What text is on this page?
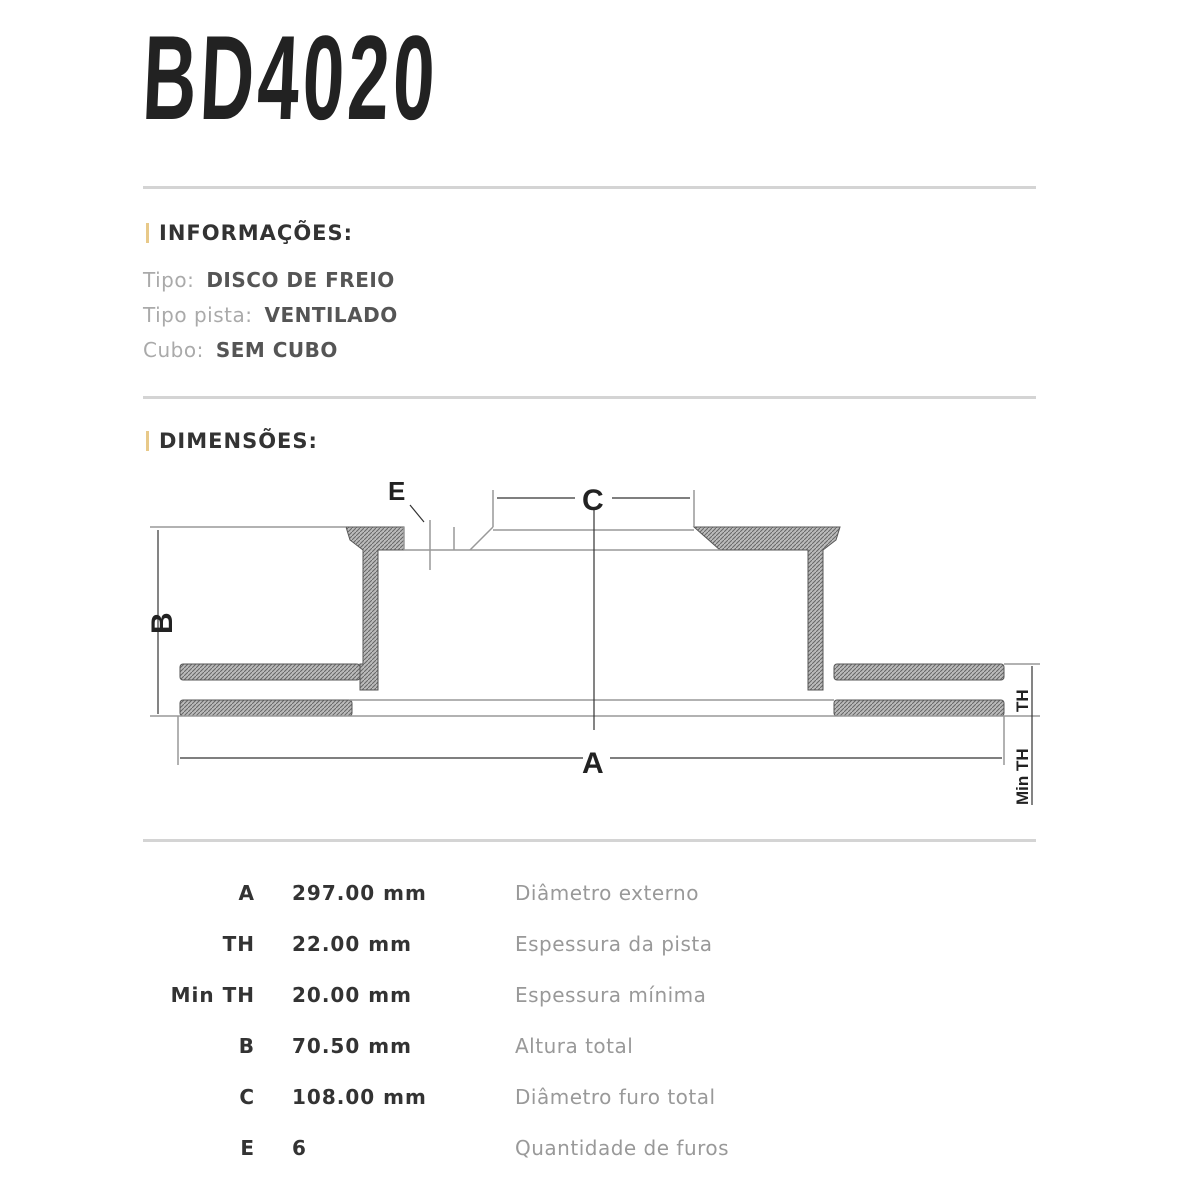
BD4020
INFORMAÇÕES:
Tipo: DISCO DE FREIO
Tipo pista: VENTILADO
Cubo: SEM CUBO
DIMENSÕES:
B
A
C
E
TH
Min TH
A 297.00 mm	Diâmetro externo
TH 22.00 mm	Espessura da pista
Min TH 20.00 mm	Espessura mínima
B 70.50 mm	Altura total
C 108.00 mm	Diâmetro furo total
E 6	Quantidade de furos
